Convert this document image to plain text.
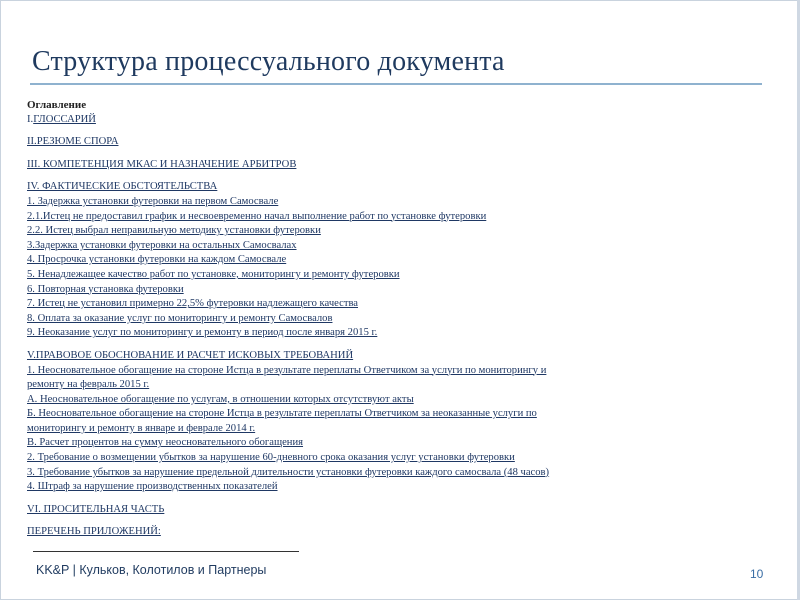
Структура процессуального документа
Оглавление
I.ГЛОССАРИЙ
II.РЕЗЮМЕ СПОРА
III. КОМПЕТЕНЦИЯ МКАС И НАЗНАЧЕНИЕ АРБИТРОВ
IV. ФАКТИЧЕСКИЕ ОБСТОЯТЕЛЬСТВА
1. Задержка установки футеровки на первом Самосвале
2.1.Истец не предоставил график и несвоевременно начал выполнение работ по установке футеровки
2.2. Истец выбрал неправильную методику установки футеровки
3.Задержка установки футеровки на остальных Самосвалах
4. Просрочка установки футеровки на каждом Самосвале
5. Ненадлежащее качество работ по установке, мониторингу и ремонту футеровки
6. Повторная установка футеровки
7. Истец не установил примерно 22,5% футеровки надлежащего качества
8. Оплата за оказание услуг по мониторингу и ремонту Самосвалов
9. Неоказание услуг по мониторингу и ремонту в период после января 2015 г.
V.ПРАВОВОЕ ОБОСНОВАНИЕ И РАСЧЕТ ИСКОВЫХ ТРЕБОВАНИЙ
1. Неосновательное обогащение на стороне Истца в результате переплаты Ответчиком за услуги по мониторингу и
ремонту на февраль 2015 г.
А. Неосновательное обогащение по услугам, в отношении которых отсутствуют акты
Б. Неосновательное обогащение на стороне Истца в результате переплаты Ответчиком за неоказанные услуги по
мониторингу и ремонту в январе и феврале 2014 г.
В. Расчет процентов на сумму неосновательного обогащения
2. Требование о возмещении убытков за нарушение 60-дневного срока оказания услуг установки футеровки
3. Требование убытков за нарушение предельной длительности установки футеровки каждого самосвала (48 часов)
4. Штраф за нарушение производственных показателей
VI. ПРОСИТЕЛЬНАЯ ЧАСТЬ
ПЕРЕЧЕНЬ ПРИЛОЖЕНИЙ:
KK&P | Кульков, Колотилов и Партнеры	10
